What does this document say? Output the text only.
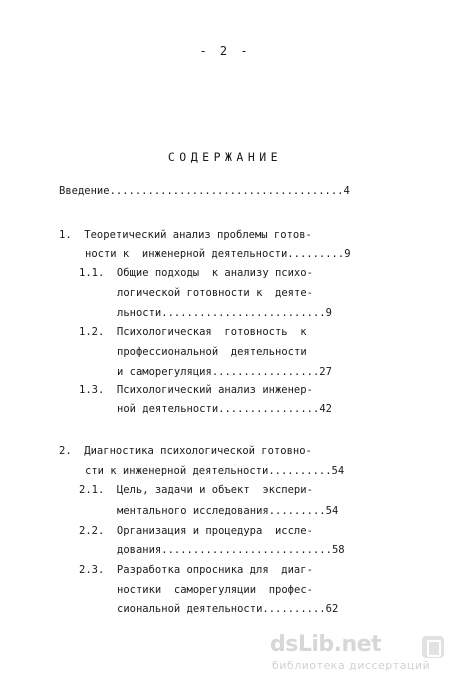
- 2 -
СОДЕРЖАНИЕ
Введение.....................................4
1.  Теоретический анализ проблемы готов-
ности к  инженерной деятельности.........9
1.1.  Общие подходы  к анализу психо-
логической готовности к  деяте-
льности..........................9
1.2.  Психологическая  готовность  к
профессиональной  деятельности
и саморегуляция.................27
1.3.  Психологический анализ инженер-
ной деятельности................42
2.  Диагностика психологической готовно-
сти к инженерной деятельности..........54
2.1.  Цель, задачи и объект  экспери-
ментального исследования.........54
2.2.  Организация и процедура  иссле-
дования...........................58
2.3.  Разработка опросника для  диаг-
ностики  саморегуляции  профес-
сиональной деятельности..........62
dsLib.net
библиотека диссертаций
